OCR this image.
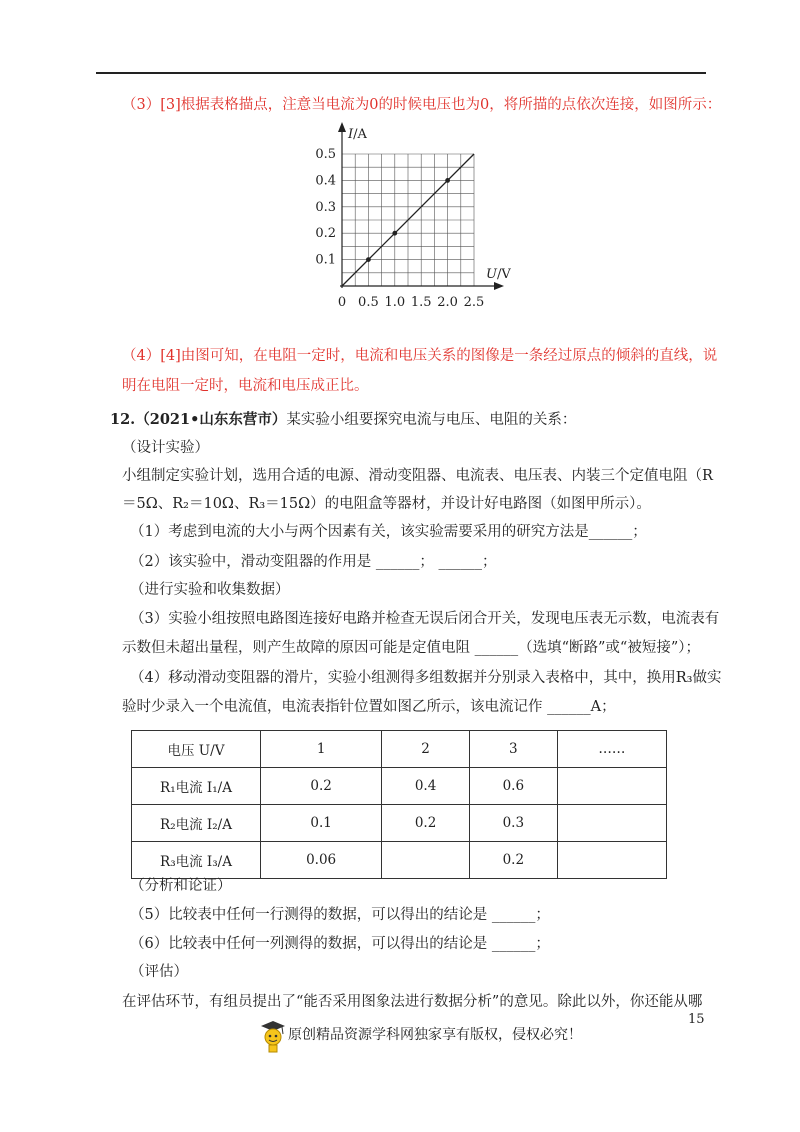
（3）[3]根据表格描点，注意当电流为0的时候电压也为0，将所描的点依次连接，如图所示：
0 0.5 1.0 1.5 2.0 2.5
0.1
0.2
0.3
0.4
0.5
I/A
U/V
（4）[4]由图可知，在电阻一定时，电流和电压关系的图像是一条经过原点的倾斜的直线，说
明在电阻一定时，电流和电压成正比。
12.（2021•山东东营市）某实验小组要探究电流与电压、电阻的关系：
（设计实验）
小组制定实验计划，选用合适的电源、滑动变阻器、电流表、电压表、内装三个定值电阻（R
＝5Ω、R₂＝10Ω、R₃＝15Ω）的电阻盒等器材，并设计好电路图（如图甲所示）。
（1）考虑到电流的大小与两个因素有关，该实验需要采用的研究方法是______；
（2）该实验中，滑动变阻器的作用是 ______； ______；
（进行实验和收集数据）
（3）实验小组按照电路图连接好电路并检查无误后闭合开关，发现电压表无示数，电流表有
示数但未超出量程，则产生故障的原因可能是定值电阻 ______（选填“断路”或“被短接”）；
（4）移动滑动变阻器的滑片，实验小组测得多组数据并分别录入表格中，其中，换用R₃做实
验时少录入一个电流值，电流表指针位置如图乙所示，该电流记作 ______A；
电压 U/V	1	2	3	……
R₁电流 I₁/A	0.2	0.4	0.6	
R₂电流 I₂/A	0.1	0.2	0.3	
R₃电流 I₃/A	0.06		0.2	
（分析和论证）
（5）比较表中任何一行测得的数据，可以得出的结论是 ______；
（6）比较表中任何一列测得的数据，可以得出的结论是 ______；
（评估）
在评估环节，有组员提出了“能否采用图象法进行数据分析”的意见。除此以外，你还能从哪
15
原创精品资源学科网独家享有版权，侵权必究！
